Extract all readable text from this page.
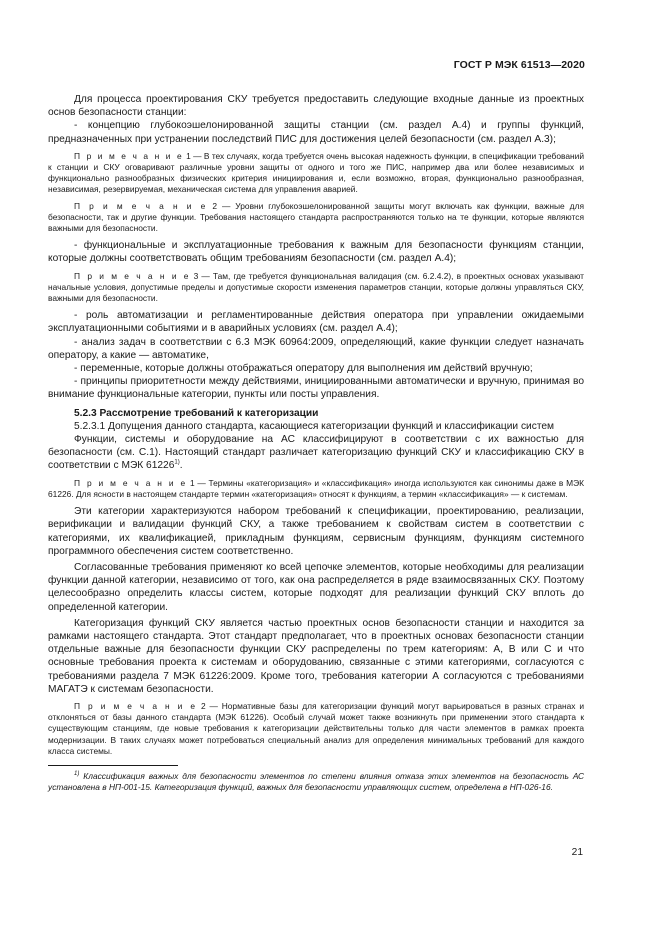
ГОСТ Р МЭК 61513—2020

Для процесса проектирования СКУ требуется предоставить следующие входные данные из проектных основ безопасности станции:

- концепцию глубокоэшелонированной защиты станции (см. раздел А.4) и группы функций, предназначенных при устранении последствий ПИС для достижения целей безопасности (см. раздел А.3);

П р и м е ч а н и е 1 — В тех случаях, когда требуется очень высокая надежность функции, в спецификации требований к станции и СКУ оговаривают различные уровни защиты от одного и того же ПИС, например два или более независимых и функционально разнообразных физических критерия инициирования и, если возможно, вторая, функционально разнообразная, независимая, резервируемая, механическая система для управления аварией.

П р и м е ч а н и е 2 — Уровни глубокоэшелонированной защиты могут включать как функции, важные для безопасности, так и другие функции. Требования настоящего стандарта распространяются только на те функции, которые являются важными для безопасности.

- функциональные и эксплуатационные требования к важным для безопасности функциям станции, которые должны соответствовать общим требованиям безопасности (см. раздел А.4);

П р и м е ч а н и е 3 — Там, где требуется функциональная валидация (см. 6.2.4.2), в проектных основах указывают начальные условия, допустимые пределы и допустимые скорости изменения параметров станции, которые должны управляться СКУ, важными для безопасности.

- роль автоматизации и регламентированные действия оператора при управлении ожидаемыми эксплуатационными событиями и в аварийных условиях (см. раздел А.4);

- анализ задач в соответствии с 6.3 МЭК 60964:2009, определяющий, какие функции следует назначать оператору, а какие — автоматике,

- переменные, которые должны отображаться оператору для выполнения им действий вручную;

- принципы приоритетности между действиями, инициированными автоматически и вручную, принимая во внимание функциональные категории, пункты или посты управления.

5.2.3 Рассмотрение требований к категоризации

5.2.3.1 Допущения данного стандарта, касающиеся категоризации функций и классификации систем

Функции, системы и оборудование на АС классифицируют в соответствии с их важностью для безопасности (см. С.1). Настоящий стандарт различает категоризацию функций СКУ и классификацию СКУ в соответствии с МЭК 61226$^{1)}$.

П р и м е ч а н и е 1 — Термины «категоризация» и «классификация» иногда используются как синонимы даже в МЭК 61226. Для ясности в настоящем стандарте термин «категоризация» относят к функциям, а термин «классификация» — к системам.

Эти категории характеризуются набором требований к спецификации, проектированию, реализации, верификации и валидации функций СКУ, а также требованием к свойствам систем в соответствии с категориями, их квалификацией, прикладным функциям, сервисным функциям, функциям системного программного обеспечения систем соответственно.

Согласованные требования применяют ко всей цепочке элементов, которые необходимы для реализации функции данной категории, независимо от того, как она распределяется в ряде взаимосвязанных СКУ. Поэтому целесообразно определить классы систем, которые подходят для реализации функций СКУ вплоть до определенной категории.

Категоризация функций СКУ является частью проектных основ безопасности станции и находится за рамками настоящего стандарта. Этот стандарт предполагает, что в проектных основах безопасности станции отдельные важные для безопасности функции СКУ распределены по трем категориям: А, В или С и что основные требования проекта к системам и оборудованию, связанные с этими категориями, согласуются с требованиями раздела 7 МЭК 61226:2009. Кроме того, требования категории А согласуются с требованиями МАГАТЭ к системам безопасности.

П р и м е ч а н и е 2 — Нормативные базы для категоризации функций могут варьироваться в разных странах и отклоняться от базы данного стандарта (МЭК 61226). Особый случай может также возникнуть при применении этого стандарта к существующим станциям, где новые требования к категоризации действительны только для части элементов в рамках проекта модернизации. В таких случаях может потребоваться специальный анализ для определения минимальных требований для каждого класса системы.

$^{1)}$ Классификация важных для безопасности элементов по степени влияния отказа этих элементов на безопасность АС установлена в НП-001-15. Категоризация функций, важных для безопасности управляющих систем, определена в НП-026-16.

21
